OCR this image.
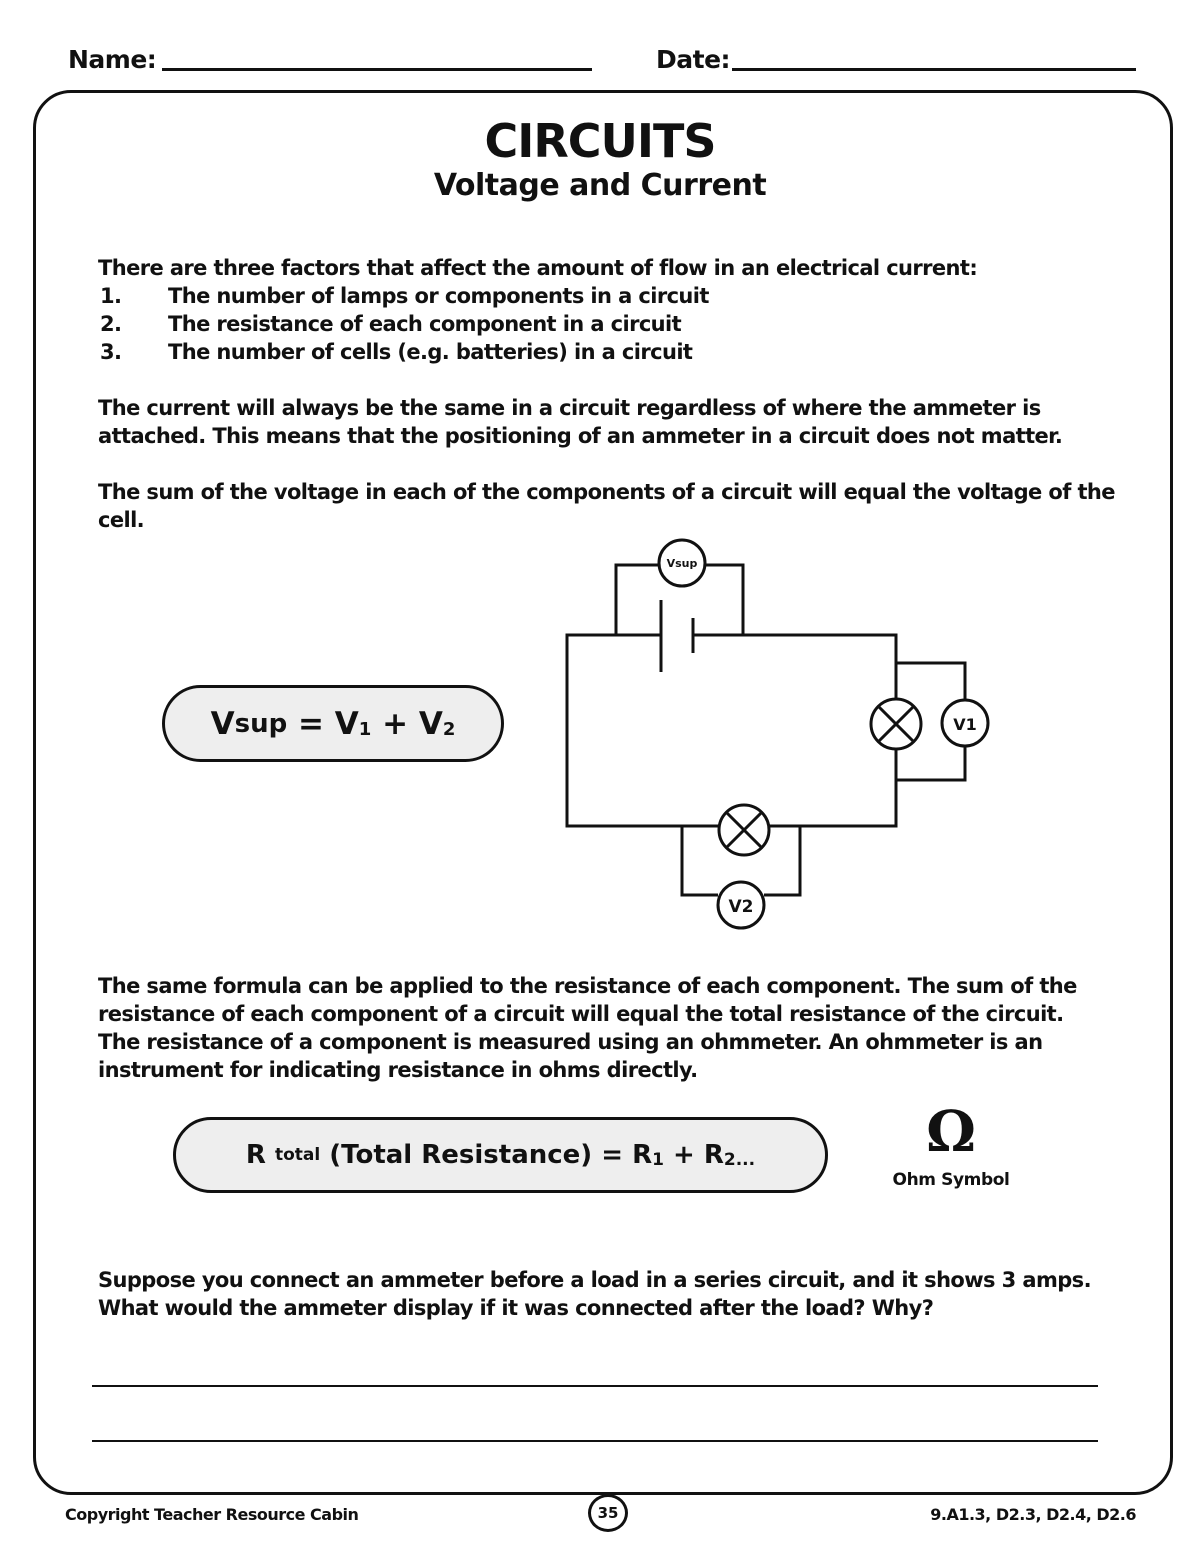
Name:	Date:
CIRCUITS
Voltage and Current
There are three factors that affect the amount of flow in an electrical current:
1. The number of lamps or components in a circuit
2. The resistance of each component in a circuit
3. The number of cells (e.g. batteries) in a circuit
The current will always be the same in a circuit regardless of where the ammeter is attached. This means that the positioning of an ammeter in a circuit does not matter.
The sum of the voltage in each of the components of a circuit will equal the voltage of the cell.
V sup = V 1 + V 2
Vsup
V1
V2
The same formula can be applied to the resistance of each component. The sum of the resistance of each component of a circuit will equal the total resistance of the circuit. The resistance of a component is measured using an ohmmeter. An ohmmeter is an instrument for indicating resistance in ohms directly.
R total (Total Resistance) = R 1 + R 2...	Ω
Ohm Symbol
Suppose you connect an ammeter before a load in a series circuit, and it shows 3 amps. What would the ammeter display if it was connected after the load? Why?
Copyright Teacher Resource Cabin	35	9.A1.3, D2.3, D2.4, D2.6
